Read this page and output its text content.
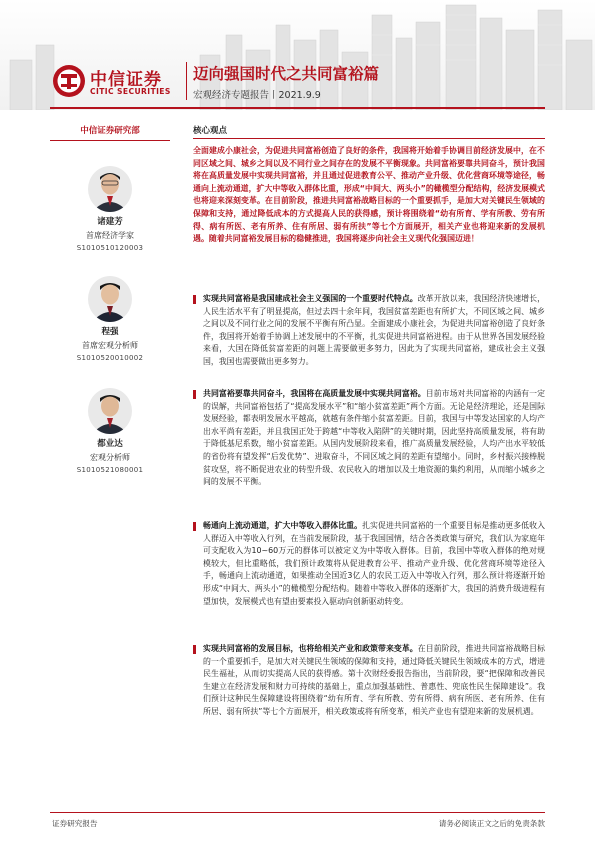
中信证券
CITIC SECURITIES
迈向强国时代之共同富裕篇
宏观经济专题报告丨2021.9.9
中信证券研究部
诸建芳
首席经济学家
S1010510120003
程强
首席宏观分析师
S1010520010002
都业达
宏观分析师
S1010521080001
核心观点

全面建成小康社会，为促进共同富裕创造了良好的条件，我国将开始着手协调目前经济发展中，在不同区域之间、城乡之间以及不同行业之间存在的发展不平衡现象。共同富裕要靠共同奋斗，预计我国将在高质量发展中实现共同富裕，并且通过促进教育公平、推动产业升级、优化营商环境等途径，畅通向上流动通道，扩大中等收入群体比重，形成“中间大、两头小”的橄榄型分配结构，经济发展模式也将迎来深刻变革。在目前阶段，推进共同富裕战略目标的一个重要抓手，是加大对关键民生领域的保障和支持，通过降低成本的方式提高人民的获得感，预计将围绕着“幼有所育、学有所教、劳有所得、病有所医、老有所养、住有所居、弱有所扶”等七个方面展开，相关产业也将迎来新的发展机遇。随着共同富裕发展目标的稳健推进，我国将逐步向社会主义现代化强国迈进！

实现共同富裕是我国建成社会主义强国的一个重要时代特点。改革开放以来，我国经济快速增长，人民生活水平有了明显提高，但过去四十余年间，我国贫富差距也有所扩大，不同区域之间、城乡之间以及不同行业之间的发展不平衡有所凸显。全面建成小康社会，为促进共同富裕创造了良好条件，我国将开始着手协调上述发展中的不平衡，扎实促进共同富裕进程。由于从世界各国发展经验来看，大国在降低贫富差距的问题上需要做更多努力，因此为了实现共同富裕，建成社会主义强国，我国也需要做出更多努力。

共同富裕要靠共同奋斗，我国将在高质量发展中实现共同富裕。目前市场对共同富裕的内涵有一定的误解，共同富裕包括了“提高发展水平”和“缩小贫富差距”两个方面。无论是经济理论，还是国际发展经验，都表明发展水平越高，就越有条件缩小贫富差距。目前，我国与中等发达国家的人均产出水平尚有差距，并且我国正处于跨越“中等收入陷阱”的关键时期，因此坚持高质量发展，将有助于降低基尼系数，缩小贫富差距。从国内发展阶段来看，推广高质量发展经验，人均产出水平较低的省份将有望发挥“后发优势”、进取奋斗，不同区域之间的差距有望缩小。同时，乡村振兴接棒脱贫攻坚，将不断促进农业的转型升级、农民收入的增加以及土地资源的集约利用，从而缩小城乡之间的发展不平衡。

畅通向上流动通道，扩大中等收入群体比重。扎实促进共同富裕的一个重要目标是推动更多低收入人群迈入中等收入行列，在当前发展阶段，基于我国国情，结合各类政策与研究，我们认为家庭年可支配收入为10~60万元的群体可以被定义为中等收入群体。目前，我国中等收入群体的绝对规模较大，但比重略低，我们预计政策将从促进教育公平、推动产业升级、优化营商环境等途径入手，畅通向上流动通道，如果推动全国近3亿人的农民工迈入中等收入行列，那么预计将逐渐开始形成“中间大、两头小”的橄榄型分配结构。随着中等收入群体的逐渐扩大，我国的消费升级进程有望加快，发展模式也有望由要素投入驱动向创新驱动转变。

实现共同富裕的发展目标，也将给相关产业和政策带来变革。在目前阶段，推进共同富裕战略目标的一个重要抓手，是加大对关键民生领域的保障和支持，通过降低关键民生领域成本的方式，增进民生福祉，从而切实提高人民的获得感。第十次财经委报告指出，当前阶段，要“把保障和改善民生建立在经济发展和财力可持续的基础上，重点加强基础性、普惠性、兜底性民生保障建设”。我们预计这种民生保障建设将围绕着“幼有所育、学有所教、劳有所得、病有所医、老有所养、住有所居、弱有所扶”等七个方面展开，相关政策或将有所变革，相关产业也有望迎来新的发展机遇。

证券研究报告	请务必阅读正文之后的免责条款
